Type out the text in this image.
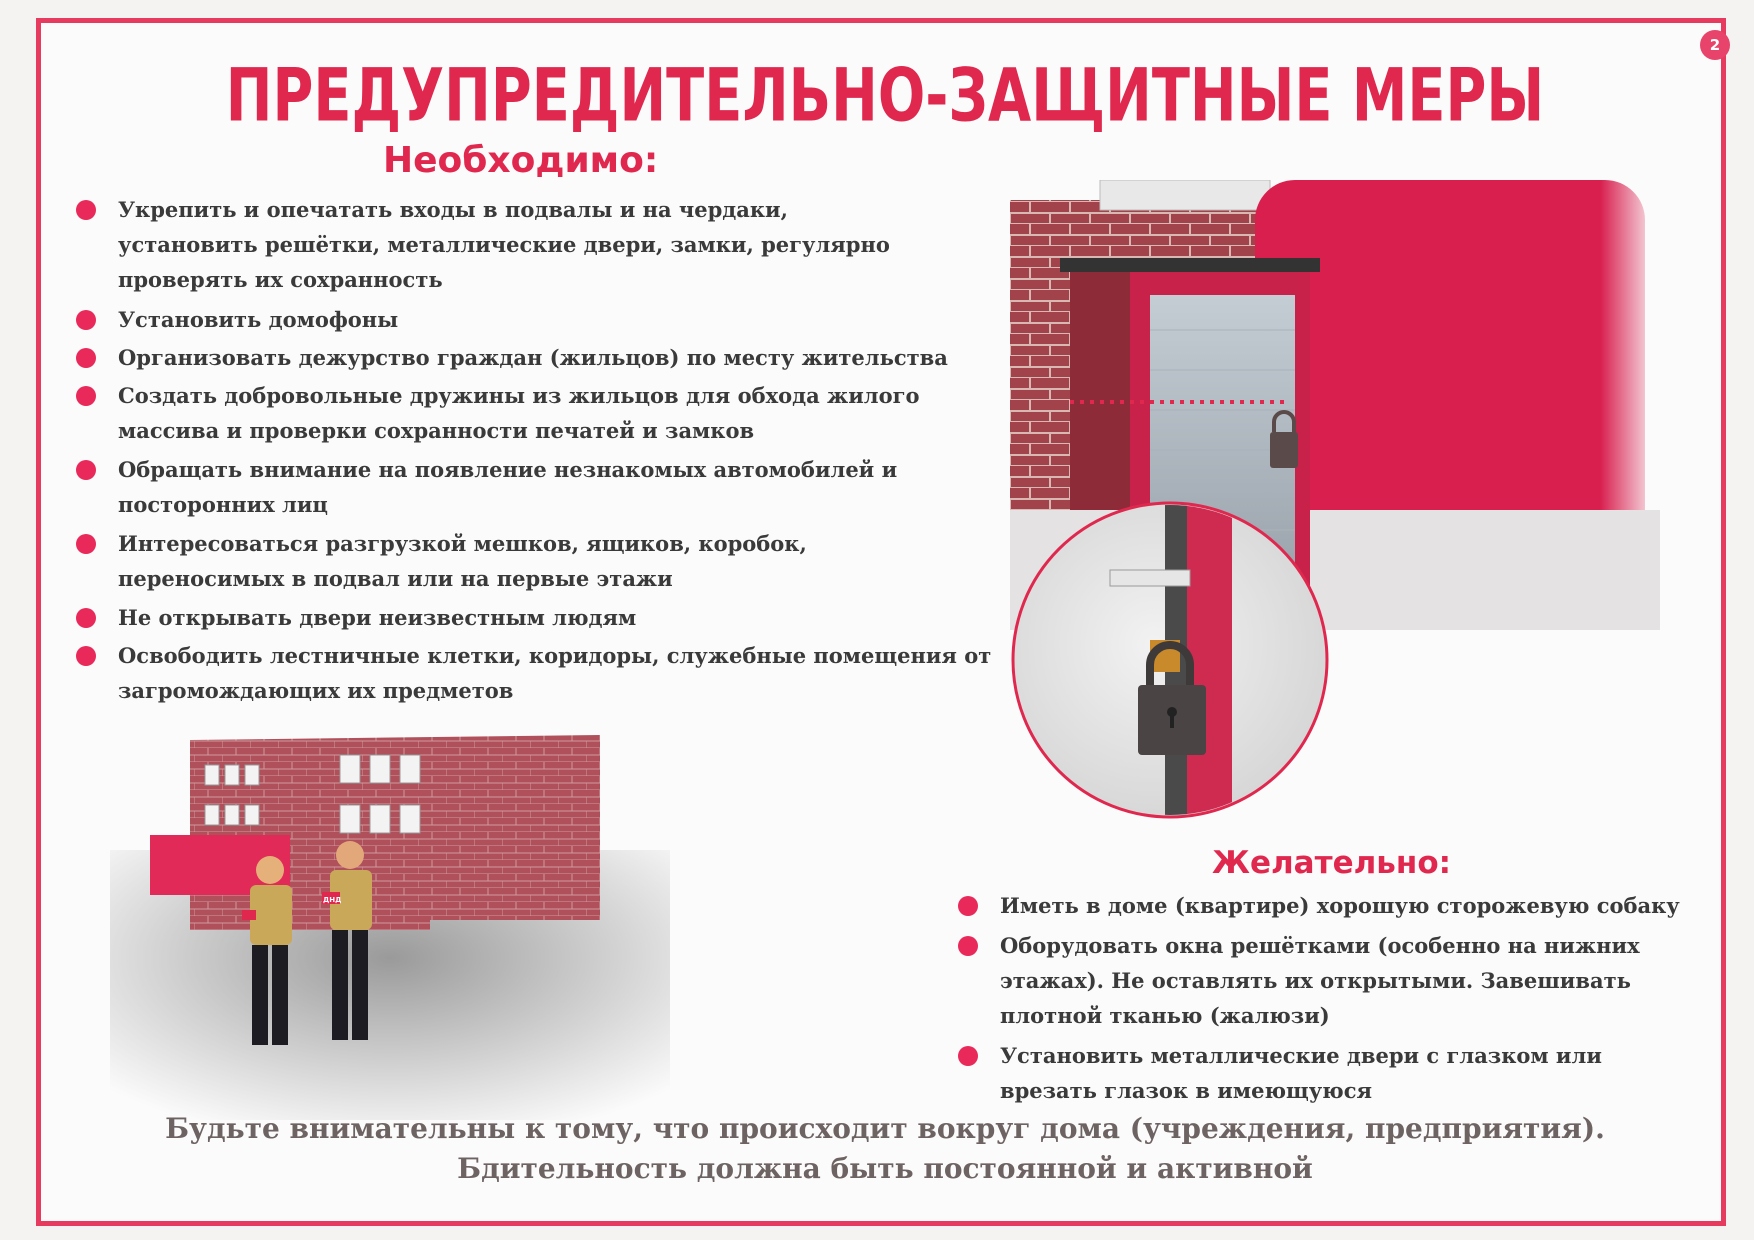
2
ПРЕДУПРЕДИТЕЛЬНО-ЗАЩИТНЫЕ МЕРЫ
Необходимо:
Укрепить и опечатать входы в подвалы и на чердаки, установить решётки, металлические двери, замки, регулярно проверять их сохранность
Установить домофоны
Организовать дежурство граждан (жильцов) по месту жительства
Создать добровольные дружины из жильцов для обхода жилого массива и проверки сохранности печатей и замков
Обращать внимание на появление незнакомых автомобилей и посторонних лиц
Интересоваться разгрузкой мешков, ящиков, коробок, переносимых в подвал или на первые этажи
Не открывать двери неизвестным людям
Освободить лестничные клетки, коридоры, служебные помещения от загромождающих их предметов
ДНД
Желательно:
Иметь в доме (квартире) хорошую сторожевую собаку
Оборудовать окна решётками (особенно на нижних этажах). Не оставлять их открытыми. Завешивать плотной тканью (жалюзи)
Установить металлические двери с глазком или врезать глазок в имеющуюся

Будьте внимательны к тому, что происходит вокруг дома (учреждения, предприятия).

Бдительность должна быть постоянной и активной
